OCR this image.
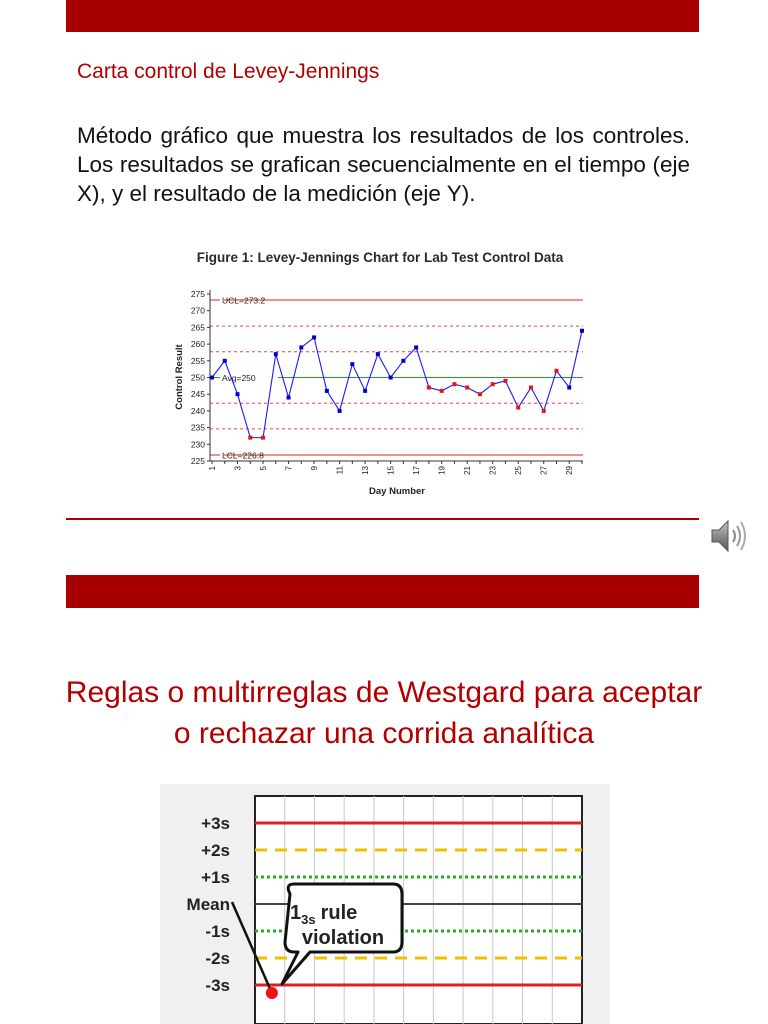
Carta control de Levey-Jennings
Método gráfico que muestra los resultados de los controles. Los resultados se grafican secuencialmente en el tiempo (eje X), y el resultado de la medición (eje Y).
Figure 1: Levey-Jennings Chart for Lab Test Control Data
UCL=273.2
Avg=250
LCL=226.8
225
230
235
240
245
250
255
260
265
270
275
1 3 5 7 9 11 13 15 17 19 21 23 25 27 29
Day Number
Control Result
Reglas o multirreglas de Westgard para aceptar o rechazar una corrida analítica
+3s
+2s
+1s
Mean
-1s
-2s
-3s
$1_{3s}$ rule
violation
